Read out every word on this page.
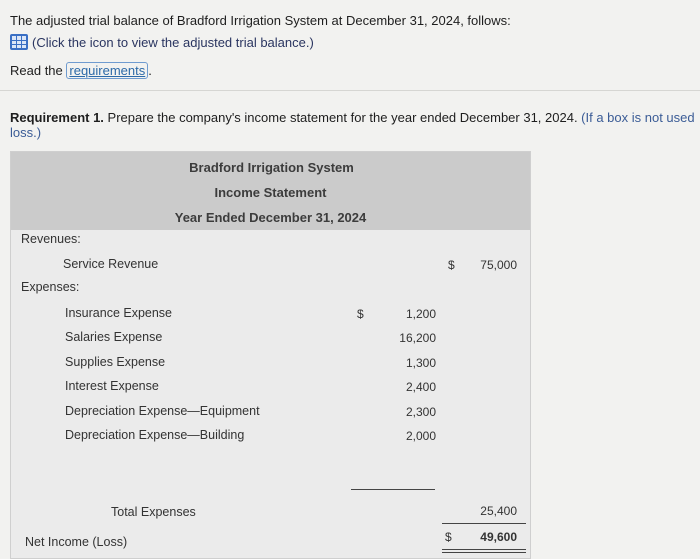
The adjusted trial balance of Bradford Irrigation System at December 31, 2024, follows:
(Click the icon to view the adjusted trial balance.)
Read the requirements .
Requirement 1. Prepare the company's income statement for the year ended December 31, 2024. (If a box is not used
loss.)
Bradford Irrigation System
Income Statement
Year Ended December 31, 2024
Revenues:
Service Revenue	$	75,000
Expenses:
Insurance Expense	$	1,200
Salaries Expense	16,200
Supplies Expense	1,300
Interest Expense	2,400
Depreciation Expense—Equipment	2,300
Depreciation Expense—Building	2,000
Total Expenses	25,400
Net Income (Loss)	$	49,600
